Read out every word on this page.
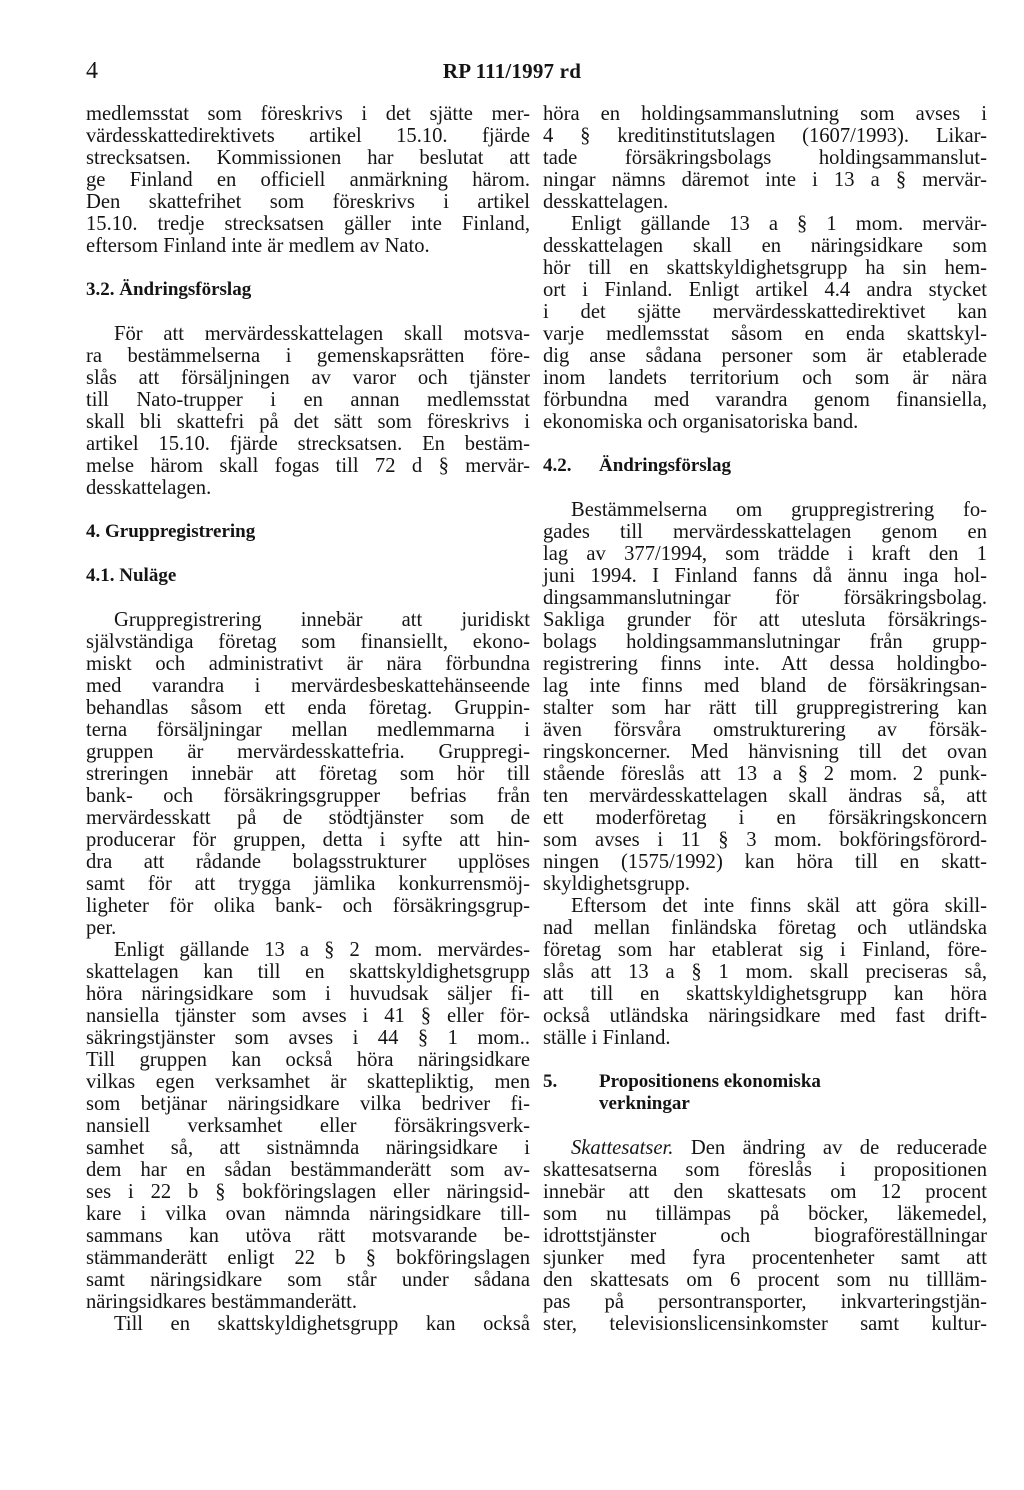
4	RP 111/1997 rd
medlemsstat som föreskrivs i det sjätte mer-
värdesskattedirektivets artikel 15.10. fjärde
strecksatsen. Kommissionen har beslutat att
ge Finland en officiell anmärkning härom.
Den skattefrihet som föreskrivs i artikel
15.10. tredje strecksatsen gäller inte Finland,
eftersom Finland inte är medlem av Nato.
3.2. Ändringsförslag
För att mervärdesskattelagen skall motsva-
ra bestämmelserna i gemenskapsrätten före-
slås att försäljningen av varor och tjänster
till Nato-trupper i en annan medlemsstat
skall bli skattefri på det sätt som föreskrivs i
artikel 15.10. fjärde strecksatsen. En bestäm-
melse härom skall fogas till 72 d § mervär-
desskattelagen.
4. Gruppregistrering
4.1. Nuläge
Gruppregistrering innebär att juridiskt
självständiga företag som finansiellt, ekono-
miskt och administrativt är nära förbundna
med varandra i mervärdesbeskattehänseende
behandlas såsom ett enda företag. Gruppin-
terna försäljningar mellan medlemmarna i
gruppen är mervärdesskattefria. Gruppregi-
streringen innebär att företag som hör till
bank- och försäkringsgrupper befrias från
mervärdesskatt på de stödtjänster som de
producerar för gruppen, detta i syfte att hin-
dra att rådande bolagsstrukturer upplöses
samt för att trygga jämlika konkurrensmöj-
ligheter för olika bank- och försäkringsgrup-
per.
Enligt gällande 13 a § 2 mom. mervärdes-
skattelagen kan till en skattskyldighetsgrupp
höra näringsidkare som i huvudsak säljer fi-
nansiella tjänster som avses i 41 § eller för-
säkringstjänster som avses i 44 § 1 mom..
Till gruppen kan också höra näringsidkare
vilkas egen verksamhet är skattepliktig, men
som betjänar näringsidkare vilka bedriver fi-
nansiell verksamhet eller försäkringsverk-
samhet så, att sistnämnda näringsidkare i
dem har en sådan bestämmanderätt som av-
ses i 22 b § bokföringslagen eller näringsid-
kare i vilka ovan nämnda näringsidkare till-
sammans kan utöva rätt motsvarande be-
stämmanderätt enligt 22 b § bokföringslagen
samt näringsidkare som står under sådana
näringsidkares bestämmanderätt.
Till en skattskyldighetsgrupp kan också
höra en holdingsammanslutning som avses i
4 § kreditinstitutslagen (1607/1993). Likar-
tade försäkringsbolags holdingsammanslut-
ningar nämns däremot inte i 13 a § mervär-
desskattelagen.
Enligt gällande 13 a § 1 mom. mervär-
desskattelagen skall en näringsidkare som
hör till en skattskyldighetsgrupp ha sin hem-
ort i Finland. Enligt artikel 4.4 andra stycket
i det sjätte mervärdesskattedirektivet kan
varje medlemsstat såsom en enda skattskyl-
dig anse sådana personer som är etablerade
inom landets territorium och som är nära
förbundna med varandra genom finansiella,
ekonomiska och organisatoriska band.
4.2. Ändringsförslag
Bestämmelserna om gruppregistrering fo-
gades till mervärdesskattelagen genom en
lag av 377/1994, som trädde i kraft den 1
juni 1994. I Finland fanns då ännu inga hol-
dingsammanslutningar för försäkringsbolag.
Sakliga grunder för att utesluta försäkrings-
bolags holdingsammanslutningar från grupp-
registrering finns inte. Att dessa holdingbo-
lag inte finns med bland de försäkringsan-
stalter som har rätt till gruppregistrering kan
även försvåra omstrukturering av försäk-
ringskoncerner. Med hänvisning till det ovan
stående föreslås att 13 a § 2 mom. 2 punk-
ten mervärdesskattelagen skall ändras så, att
ett moderföretag i en försäkringskoncern
som avses i 11 § 3 mom. bokföringsförord-
ningen (1575/1992) kan höra till en skatt-
skyldighetsgrupp.
Eftersom det inte finns skäl att göra skill-
nad mellan finländska företag och utländska
företag som har etablerat sig i Finland, före-
slås att 13 a § 1 mom. skall preciseras så,
att till en skattskyldighetsgrupp kan höra
också utländska näringsidkare med fast drift-
ställe i Finland.
5. Propositionens ekonomiska
verkningar
Skattesatser. Den ändring av de reducerade
skattesatserna som föreslås i propositionen
innebär att den skattesats om 12 procent
som nu tillämpas på böcker, läkemedel,
idrottstjänster och biograföreställningar
sjunker med fyra procentenheter samt att
den skattesats om 6 procent som nu tillläm-
pas på persontransporter, inkvarteringstjän-
ster, televisionslicensinkomster samt kultur-
